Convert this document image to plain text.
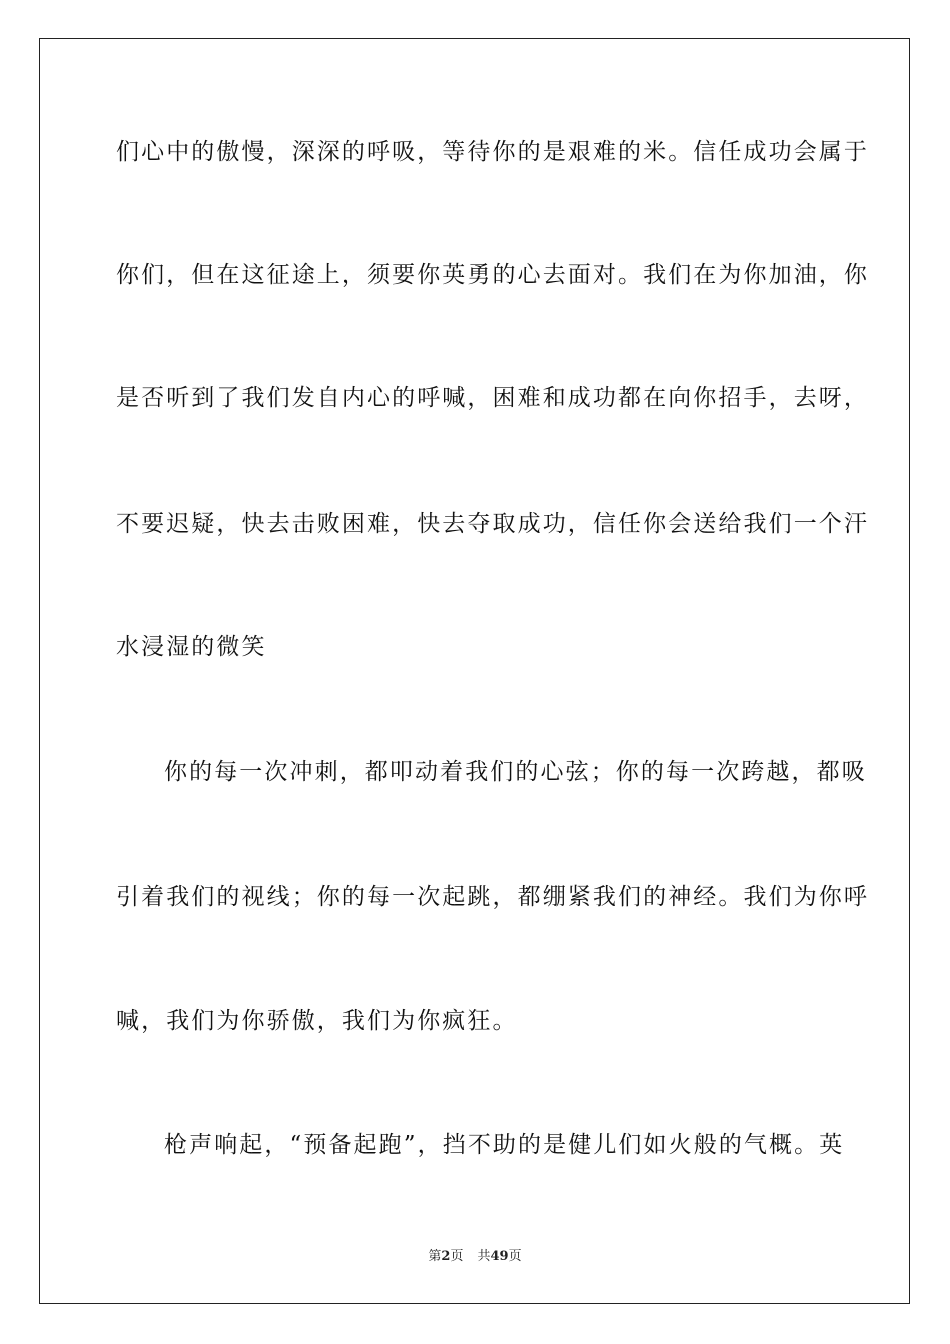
们心中的傲慢，深深的呼吸，等待你的是艰难的米。信任成功会属于
你们，但在这征途上，须要你英勇的心去面对。我们在为你加油，你
是否听到了我们发自内心的呼喊，困难和成功都在向你招手，去呀，
不要迟疑，快去击败困难，快去夺取成功，信任你会送给我们一个汗
水浸湿的微笑
你的每一次冲刺，都叩动着我们的心弦；你的每一次跨越，都吸
引着我们的视线；你的每一次起跳，都绷紧我们的神经。我们为你呼
喊，我们为你骄傲，我们为你疯狂。
枪声响起，“预备起跑”，挡不助的是健儿们如火般的气概。英
第2页 共49页
